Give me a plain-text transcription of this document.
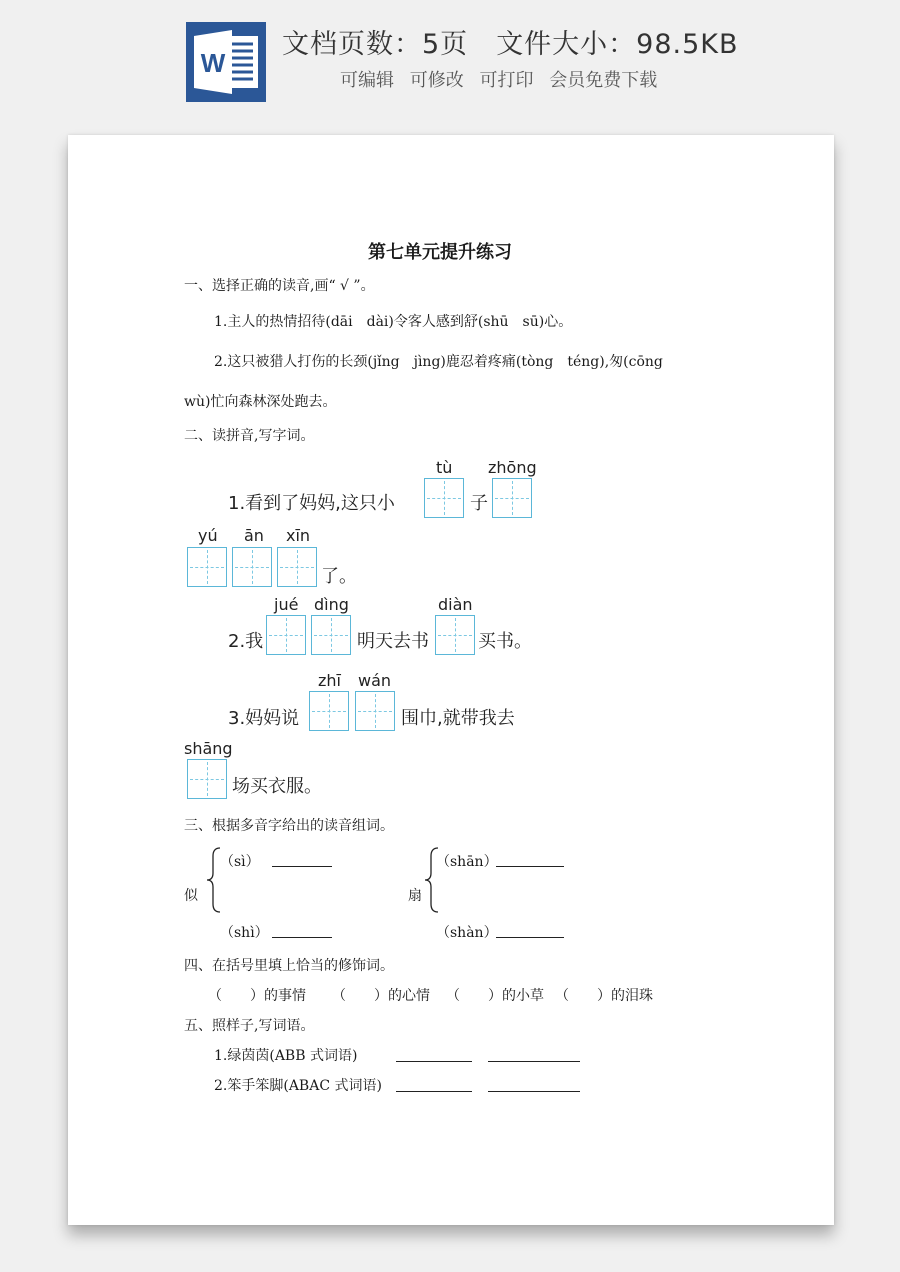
W
文档页数：5页 文件大小：98.5KB
可编辑 可修改 可打印 会员免费下载
第七单元提升练习
一、选择正确的读音,画“ √ ”。
1.主人的热情招待(dāi　dài)令客人感到舒(shū　sū)心。
2.这只被猎人打伤的长颈(jǐng　jìng)鹿忍着疼痛(tòng　téng),匆(cōng
wù)忙向森林深处跑去。
二、读拼音,写字词。
tù zhōng
1.看到了妈妈,这只小	子
yú ān xīn
了。
jué dìng	diàn
2.我	明天去书	买书。
zhī wán
3.妈妈说	围巾,就带我去
shāng
场买衣服。
三、根据多音字给出的读音组词。
似
（sì）
（shì）
扇
（shān）
（shàn）
四、在括号里填上恰当的修饰词。
（　　）的事情 （　　）的心情 （　　）的小草 （　　）的泪珠
五、照样子,写词语。
1.绿茵茵(ABB 式词语)
2.笨手笨脚(ABAC 式词语)
